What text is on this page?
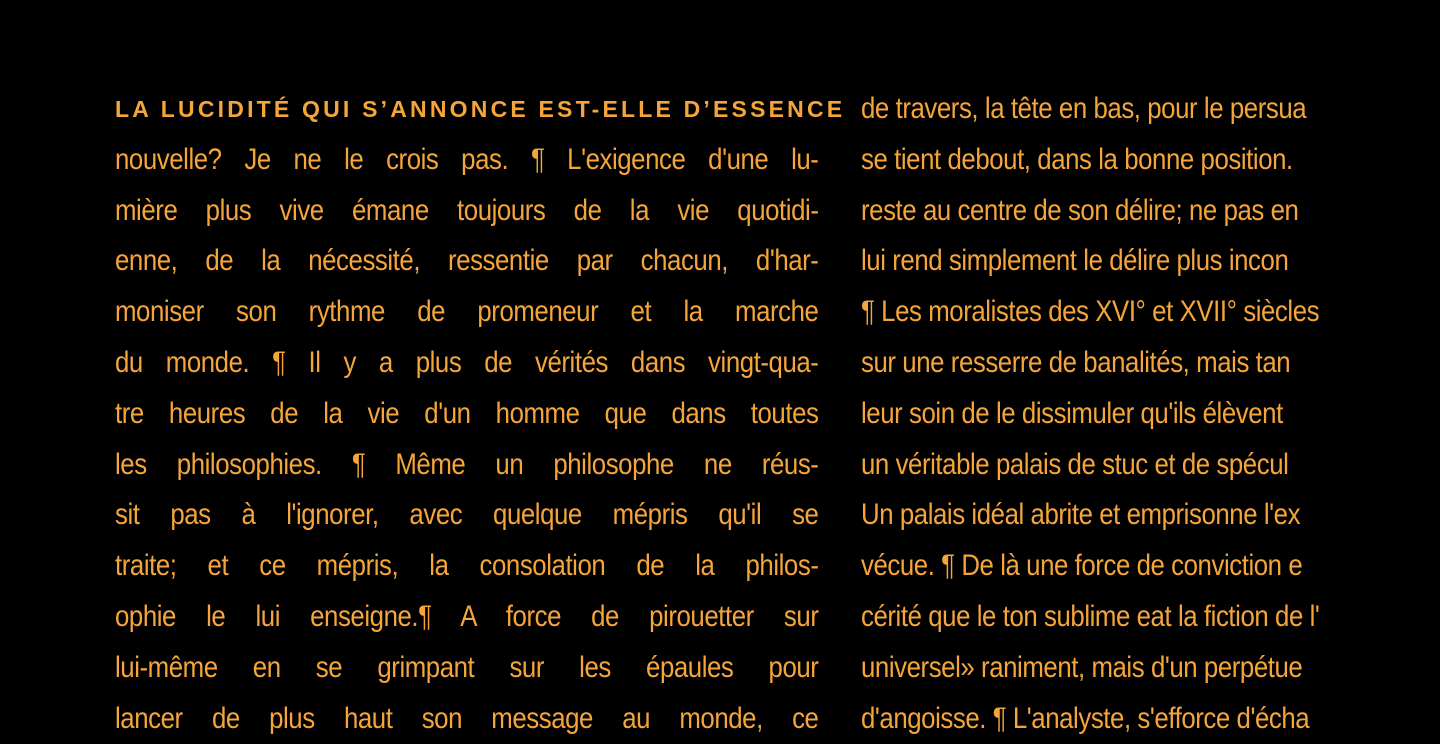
LA LUCIDITÉ QUI S’ANNONCE EST-ELLE D’ESSENCE
nouvelle? Je ne le crois pas. ¶ L'exigence d'une lu-
mière plus vive émane toujours de la vie quotidi-
enne, de la nécessité, ressentie par chacun, d'har-
moniser son rythme de promeneur et la marche
du monde. ¶ Il y a plus de vérités dans vingt-qua-
tre heures de la vie d'un homme que dans toutes
les philosophies. ¶ Même un philosophe ne réus-
sit pas à l'ignorer, avec quelque mépris qu'il se
traite; et ce mépris, la consolation de la philos-
ophie le lui enseigne.¶ A force de pirouetter sur
lui-même en se grimpant sur les épaules pour
lancer de plus haut son message au monde, ce
de travers, la tête en bas, pour le persua
se tient debout, dans la bonne position.
reste au centre de son délire; ne pas en
lui rend simplement le délire plus incon
¶ Les moralistes des XVI° et XVII° siècles
sur une resserre de banalités, mais tan
leur soin de le dissimuler qu'ils élèvent
un véritable palais de stuc et de spécul
Un palais idéal abrite et emprisonne l'ex
vécue. ¶ De là une force de conviction e
cérité que le ton sublime eat la fiction de l'
universel» raniment, mais d'un perpétue
d'angoisse. ¶ L'analyste, s'efforce d'écha
